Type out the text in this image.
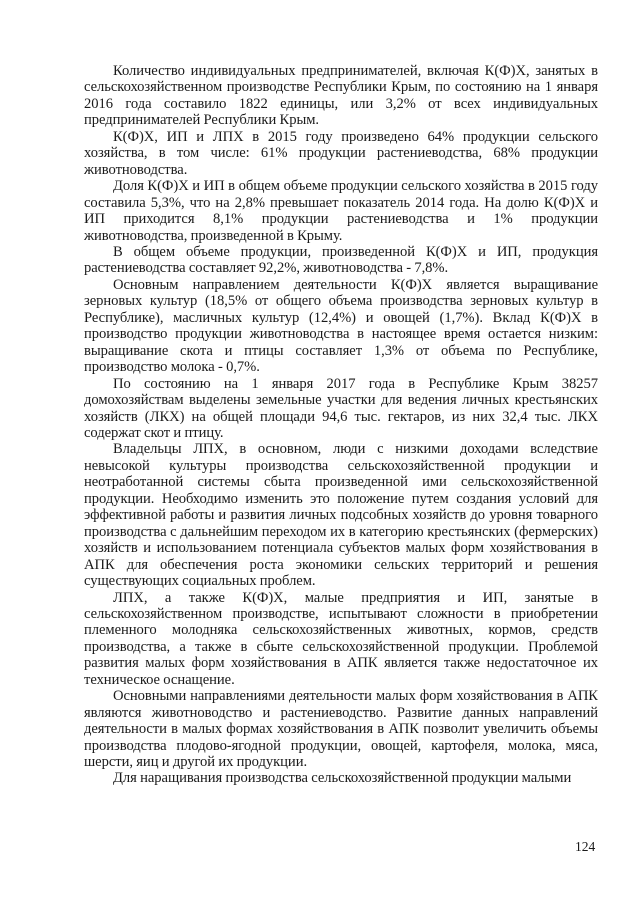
Количество индивидуальных предпринимателей, включая К(Ф)Х, занятых в сельскохозяйственном производстве Республики Крым, по состоянию на 1 января 2016 года составило 1822 единицы, или 3,2% от всех индивидуальных предпринимателей Республики Крым.

К(Ф)Х, ИП и ЛПХ в 2015 году произведено 64% продукции сельского хозяйства, в том числе: 61% продукции растениеводства, 68% продукции животноводства.

Доля К(Ф)Х и ИП в общем объеме продукции сельского хозяйства в 2015 году составила 5,3%, что на 2,8% превышает показатель 2014 года. На долю К(Ф)Х и ИП приходится 8,1% продукции растениеводства и 1% продукции животноводства, произведенной в Крыму.

В общем объеме продукции, произведенной К(Ф)Х и ИП, продукция растениеводства составляет 92,2%, животноводства - 7,8%.

Основным направлением деятельности К(Ф)Х является выращивание зерновых культур (18,5% от общего объема производства зерновых культур в Республике), масличных культур (12,4%) и овощей (1,7%). Вклад К(Ф)Х в производство продукции животноводства в настоящее время остается низким: выращивание скота и птицы составляет 1,3% от объема по Республике, производство молока - 0,7%.

По состоянию на 1 января 2017 года в Республике Крым 38257 домохозяйствам выделены земельные участки для ведения личных крестьянских хозяйств (ЛКХ) на общей площади 94,6 тыс. гектаров, из них 32,4 тыс. ЛКХ содержат скот и птицу.

Владельцы ЛПХ, в основном, люди с низкими доходами вследствие невысокой культуры производства сельскохозяйственной продукции и неотработанной системы сбыта произведенной ими сельскохозяйственной продукции. Необходимо изменить это положение путем создания условий для эффективной работы и развития личных подсобных хозяйств до уровня товарного производства с дальнейшим переходом их в категорию крестьянских (фермерских) хозяйств и использованием потенциала субъектов малых форм хозяйствования в АПК для обеспечения роста экономики сельских территорий и решения существующих социальных проблем.

ЛПХ, а также К(Ф)Х, малые предприятия и ИП, занятые в сельскохозяйственном производстве, испытывают сложности в приобретении племенного молодняка сельскохозяйственных животных, кормов, средств производства, а также в сбыте сельскохозяйственной продукции. Проблемой развития малых форм хозяйствования в АПК является также недостаточное их техническое оснащение.

Основными направлениями деятельности малых форм хозяйствования в АПК являются животноводство и растениеводство. Развитие данных направлений деятельности в малых формах хозяйствования в АПК позволит увеличить объемы производства плодово-ягодной продукции, овощей, картофеля, молока, мяса, шерсти, яиц и другой их продукции.

Для наращивания производства сельскохозяйственной продукции малыми

124
